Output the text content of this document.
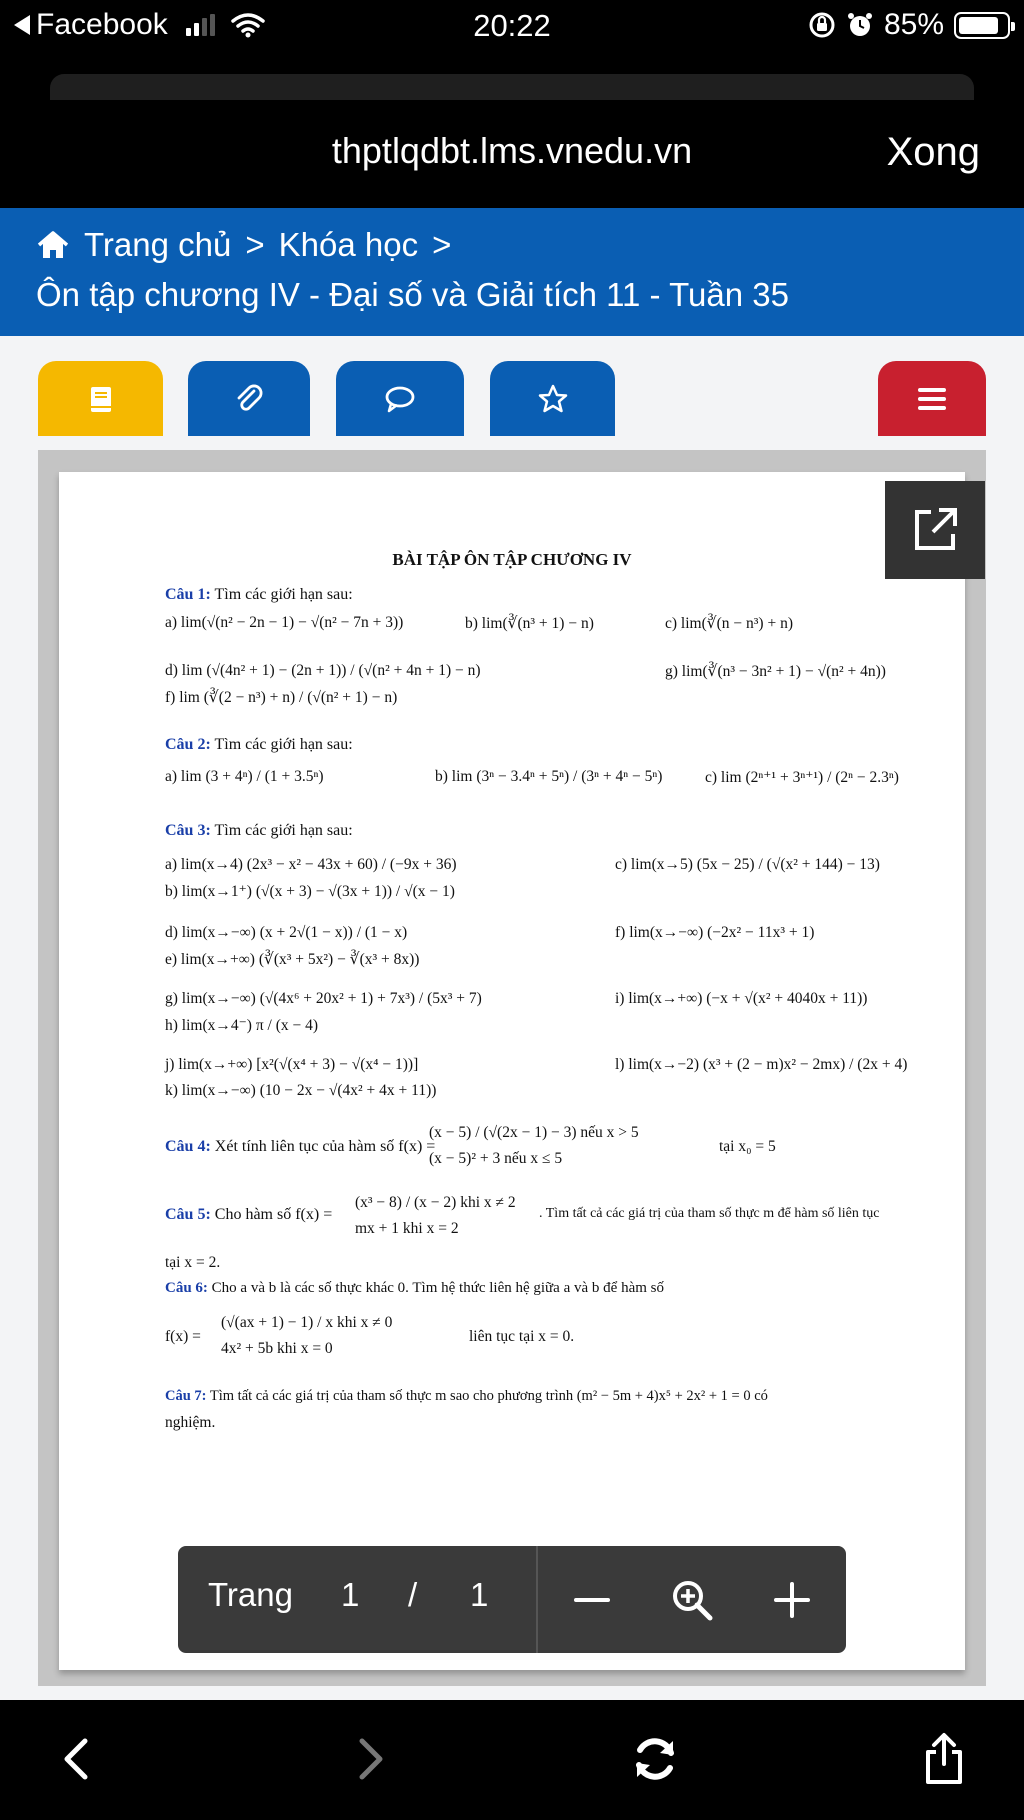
Facebook	20:22	85%
thptlqdbt.lms.vnedu.vn	Xong
Trang chủ > Khóa học >
Ôn tập chương IV - Đại số và Giải tích 11 - Tuần 35
BÀI TẬP ÔN TẬP CHƯƠNG IV
Câu 1: Tìm các giới hạn sau:
a) lim(√(n² − 2n − 1) − √(n² − 7n + 3))	b) lim(∛(n³ + 1) − n)	c) lim(∛(n − n³) + n)
d) lim (√(4n² + 1) − (2n + 1)) / (√(n² + 4n + 1) − n)
f) lim (∛(2 − n³) + n) / (√(n² + 1) − n)
g) lim(∛(n³ − 3n² + 1) − √(n² + 4n))
Câu 2: Tìm các giới hạn sau:
a) lim (3 + 4ⁿ) / (1 + 3.5ⁿ)	b) lim (3ⁿ − 3.4ⁿ + 5ⁿ) / (3ⁿ + 4ⁿ − 5ⁿ)	c) lim (2ⁿ⁺¹ + 3ⁿ⁺¹) / (2ⁿ − 2.3ⁿ)
Câu 3: Tìm các giới hạn sau:
a) lim(x→4) (2x³ − x² − 43x + 60) / (−9x + 36)
b) lim(x→1⁺) (√(x + 3) − √(3x + 1)) / √(x − 1)
c) lim(x→5) (5x − 25) / (√(x² + 144) − 13)
d) lim(x→−∞) (x + 2√(1 − x)) / (1 − x)
e) lim(x→+∞) (∛(x³ + 5x²) − ∛(x³ + 8x))
f) lim(x→−∞) (−2x² − 11x³ + 1)
g) lim(x→−∞) (√(4x⁶ + 20x² + 1) + 7x³) / (5x³ + 7)
h) lim(x→4⁻) π / (x − 4)
i) lim(x→+∞) (−x + √(x² + 4040x + 11))
j) lim(x→+∞) [x²(√(x⁴ + 3) − √(x⁴ − 1))]
k) lim(x→−∞) (10 − 2x − √(4x² + 4x + 11))
l) lim(x→−2) (x³ + (2 − m)x² − 2mx) / (2x + 4)
Câu 4: Xét tính liên tục của hàm số f(x) =
(x − 5) / (√(2x − 1) − 3) nếu x > 5
(x − 5)² + 3 nếu x ≤ 5
tại x₀ = 5
Câu 5: Cho hàm số f(x) =
(x³ − 8) / (x − 2) khi x ≠ 2
mx + 1 khi x = 2
. Tìm tất cả các giá trị của tham số thực m để hàm số liên tục
tại x = 2.
Câu 6: Cho a và b là các số thực khác 0. Tìm hệ thức liên hệ giữa a và b để hàm số
f(x) =
(√(ax + 1) − 1) / x khi x ≠ 0
4x² + 5b khi x = 0
liên tục tại x = 0.
Câu 7: Tìm tất cả các giá trị của tham số thực m sao cho phương trình (m² − 5m + 4)x⁵ + 2x² + 1 = 0 có
nghiệm.
Trang 1 / 1
